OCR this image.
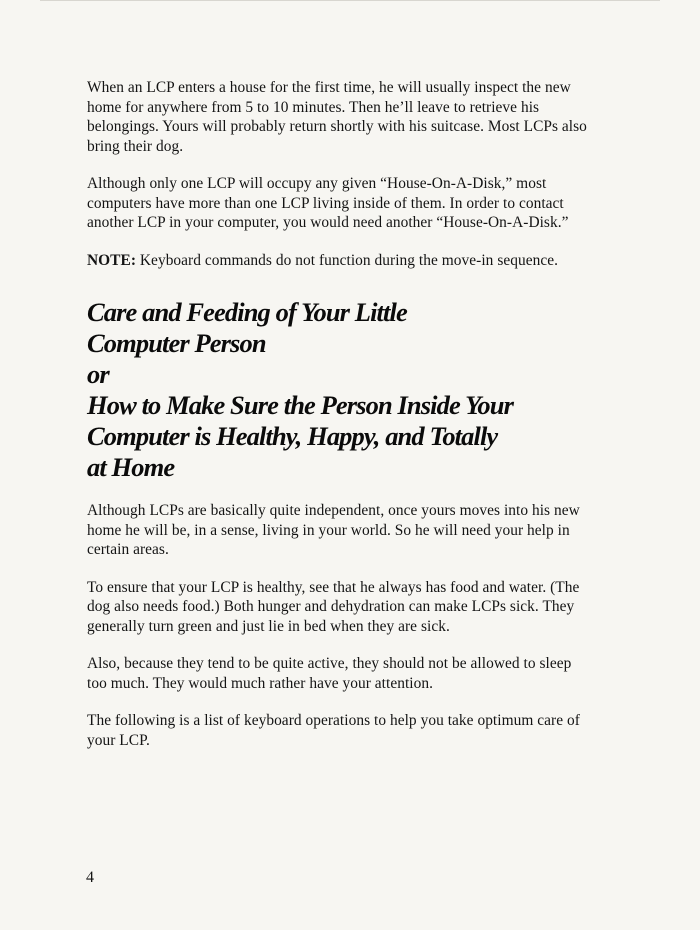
When an LCP enters a house for the first time, he will usually inspect the new home for anywhere from 5 to 10 minutes. Then he’ll leave to retrieve his belongings. Yours will probably return shortly with his suitcase. Most LCPs also bring their dog.

Although only one LCP will occupy any given “House-On-A-Disk,” most computers have more than one LCP living inside of them. In order to contact another LCP in your computer, you would need another “House-On-A-Disk.”

NOTE: Keyboard commands do not function during the move-in sequence.

Care and Feeding of Your Little
Computer Person
or
How to Make Sure the Person Inside Your
Computer is Healthy, Happy, and Totally
at Home

Although LCPs are basically quite independent, once yours moves into his new home he will be, in a sense, living in your world. So he will need your help in certain areas.

To ensure that your LCP is healthy, see that he always has food and water. (The dog also needs food.) Both hunger and dehydration can make LCPs sick. They generally turn green and just lie in bed when they are sick.

Also, because they tend to be quite active, they should not be allowed to sleep too much. They would much rather have your attention.

The following is a list of keyboard operations to help you take optimum care of your LCP.

4
